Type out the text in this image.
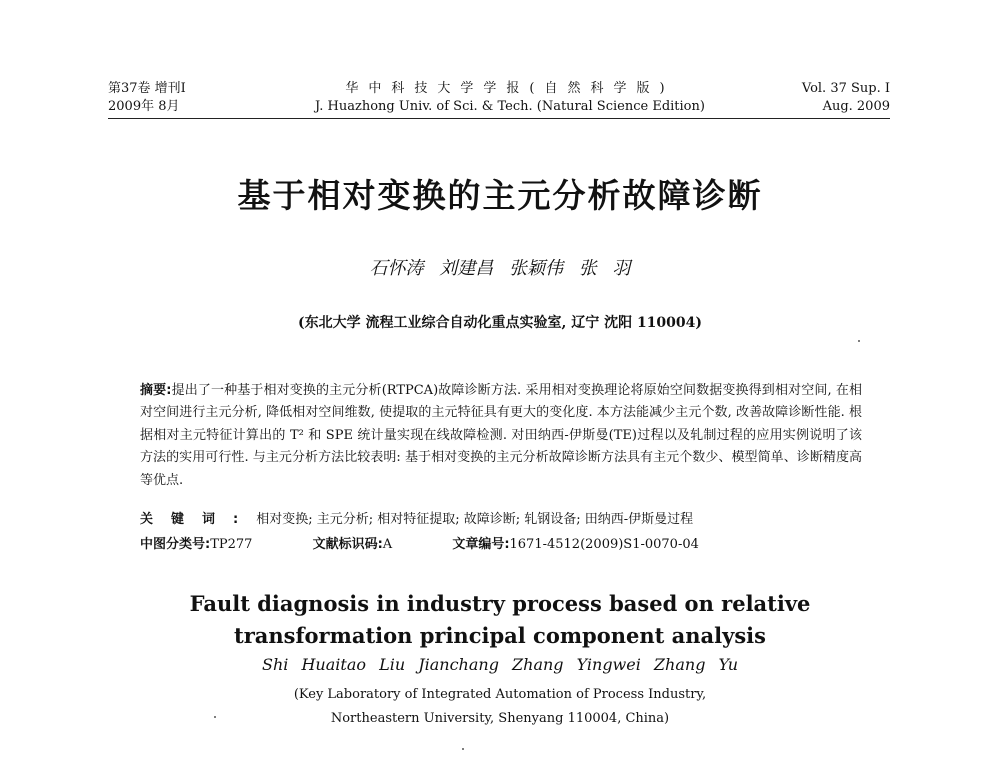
第37卷 增刊Ⅰ
2009年 8月
华中科技大学学报(自然科学版)
J. Huazhong Univ. of Sci. & Tech. (Natural Science Edition)
Vol. 37 Sup. Ⅰ
Aug. 2009
基于相对变换的主元分析故障诊断
石怀涛 刘建昌 张颖伟 张 羽
(东北大学 流程工业综合自动化重点实验室, 辽宁 沈阳 110004)
摘要:提出了一种基于相对变换的主元分析(RTPCA)故障诊断方法. 采用相对变换理论将原始空间数据变换得到相对空间, 在相对空间进行主元分析, 降低相对空间维数, 使提取的主元特征具有更大的变化度. 本方法能减少主元个数, 改善故障诊断性能. 根据相对主元特征计算出的 T² 和 SPE 统计量实现在线故障检测. 对田纳西-伊斯曼(TE)过程以及轧制过程的应用实例说明了该方法的实用可行性. 与主元分析方法比较表明: 基于相对变换的主元分析故障诊断方法具有主元个数少、模型简单、诊断精度高等优点.
关键词:相对变换; 主元分析; 相对特征提取; 故障诊断; 轧钢设备; 田纳西-伊斯曼过程
中图分类号:TP277	文献标识码:A	文章编号:1671-4512(2009)S1-0070-04
Fault diagnosis in industry process based on relative
transformation principal component analysis
Shi Huaitao Liu Jianchang Zhang Yingwei Zhang Yu
(Key Laboratory of Integrated Automation of Process Industry,
Northeastern University, Shenyang 110004, China)
